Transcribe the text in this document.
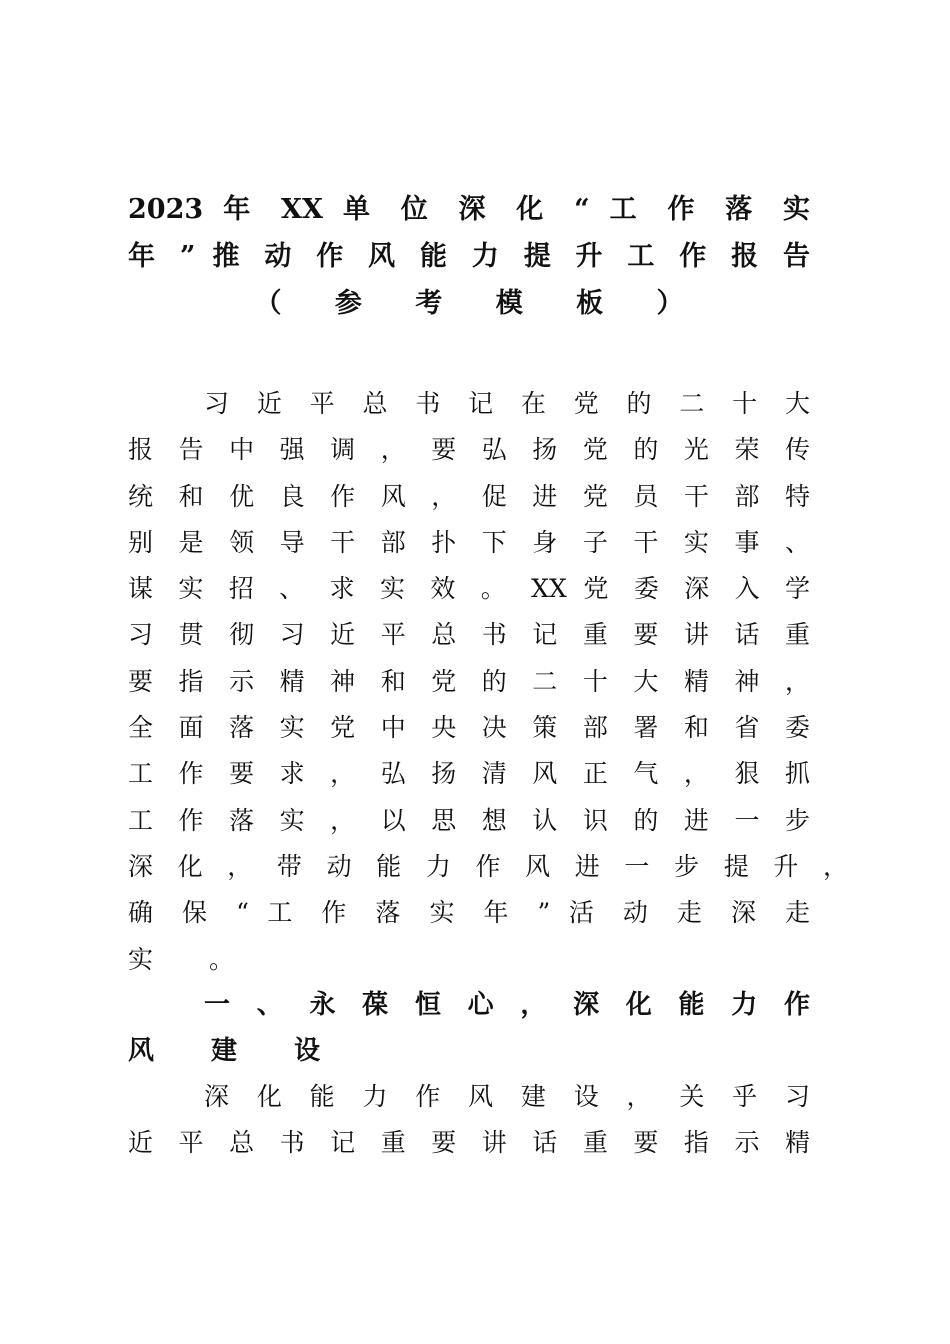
2023 年 XX 单 位 深 化 “ 工 作 落 实
年 ” 推 动 作 风 能 力 提 升 工 作 报 告
（ 参 考 模 板 ）
习 近 平 总 书 记 在 党 的 二 十 大
报 告 中 强 调 ， 要 弘 扬 党 的 光 荣 传
统 和 优 良 作 风 ， 促 进 党 员 干 部 特
别 是 领 导 干 部 扑 下 身 子 干 实 事 、
谋 实 招 、 求 实 效 。 XX 党 委 深 入 学
习 贯 彻 习 近 平 总 书 记 重 要 讲 话 重
要 指 示 精 神 和 党 的 二 十 大 精 神 ，
全 面 落 实 党 中 央 决 策 部 署 和 省 委
工 作 要 求 ， 弘 扬 清 风 正 气 ， 狠 抓
工 作 落 实 ， 以 思 想 认 识 的 进 一 步
深 化 ， 带 动 能 力 作 风 进 一 步 提 升 ，
确 保 “ 工 作 落 实 年 ” 活 动 走 深 走
实 。
一 、 永 葆 恒 心 ， 深 化 能 力 作
风 建 设
深 化 能 力 作 风 建 设 ， 关 乎 习
近 平 总 书 记 重 要 讲 话 重 要 指 示 精
